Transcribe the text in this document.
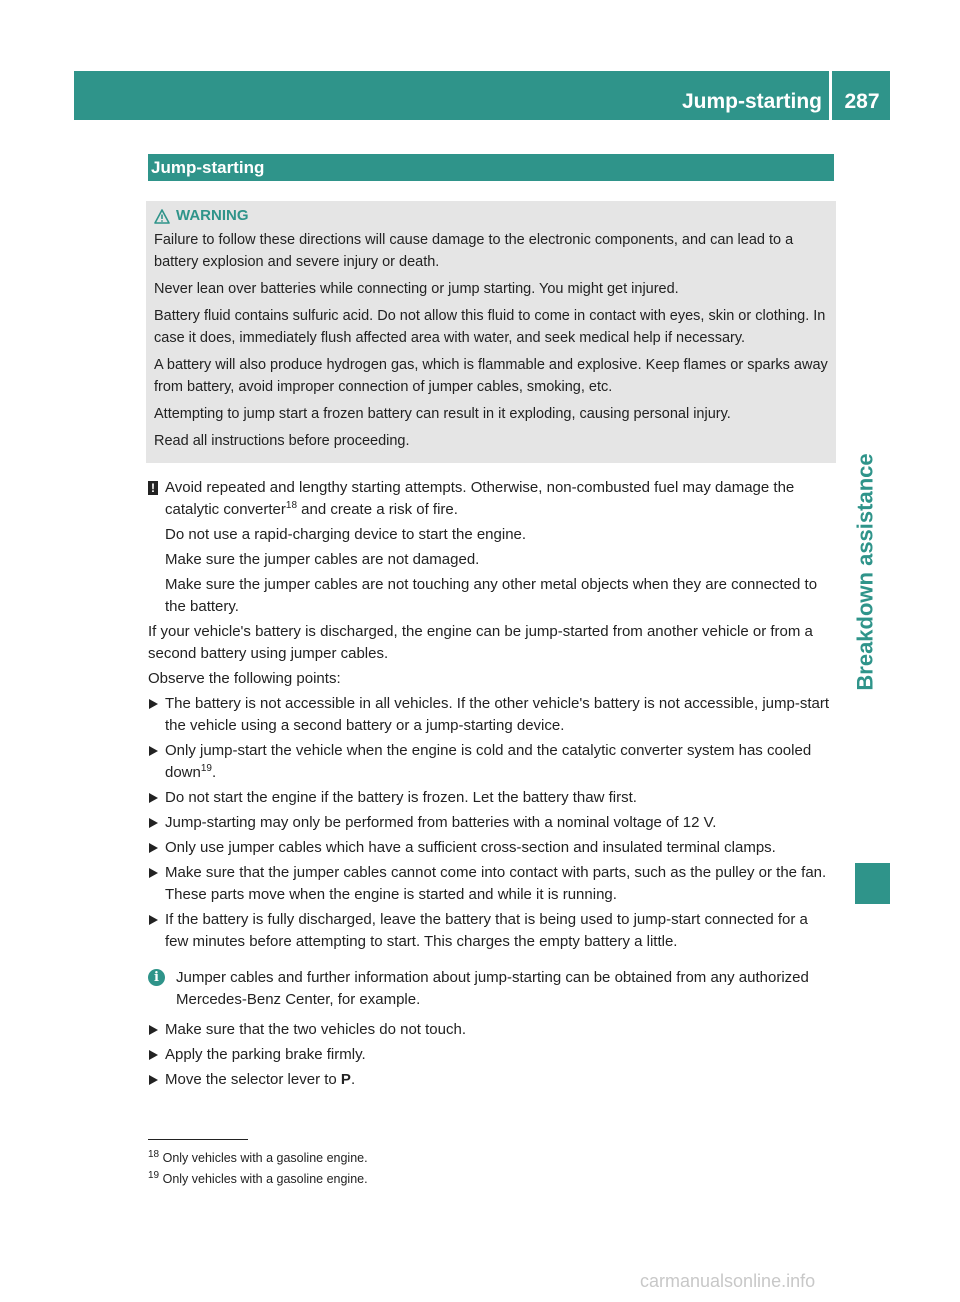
Jump-starting	287
Breakdown assistance
Jump-starting
WARNING

Failure to follow these directions will cause damage to the electronic components, and can lead to a battery explosion and severe injury or death.

Never lean over batteries while connecting or jump starting. You might get injured.

Battery fluid contains sulfuric acid. Do not allow this fluid to come in contact with eyes, skin or clothing. In case it does, immediately flush affected area with water, and seek medical help if necessary.

A battery will also produce hydrogen gas, which is flammable and explosive. Keep flames or sparks away from battery, avoid improper connection of jumper cables, smoking, etc.

Attempting to jump start a frozen battery can result in it exploding, causing personal injury.

Read all instructions before proceeding.

! Avoid repeated and lengthy starting attempts. Otherwise, non-combusted fuel may damage the catalytic converter$^{18}$ and create a risk of fire.

Do not use a rapid-charging device to start the engine.

Make sure the jumper cables are not damaged.

Make sure the jumper cables are not touching any other metal objects when they are connected to the battery.

If your vehicle's battery is discharged, the engine can be jump-started from another vehicle or from a second battery using jumper cables.

Observe the following points:

The battery is not accessible in all vehicles. If the other vehicle's battery is not accessible, jump-start the vehicle using a second battery or a jump-starting device.
Only jump-start the vehicle when the engine is cold and the catalytic converter system has cooled down$^{19}$.
Do not start the engine if the battery is frozen. Let the battery thaw first.
Jump-starting may only be performed from batteries with a nominal voltage of 12 V.
Only use jumper cables which have a sufficient cross-section and insulated terminal clamps.
Make sure that the jumper cables cannot come into contact with parts, such as the pulley or the fan. These parts move when the engine is started and while it is running.
If the battery is fully discharged, leave the battery that is being used to jump-start connected for a few minutes before attempting to start. This charges the empty battery a little.
i	Jumper cables and further information about jump-starting can be obtained from any authorized Mercedes-Benz Center, for example.

Make sure that the two vehicles do not touch.
Apply the parking brake firmly.
Move the selector lever to P.
$^{18}$ Only vehicles with a gasoline engine.
$^{19}$ Only vehicles with a gasoline engine.
carmanualsonline.info
